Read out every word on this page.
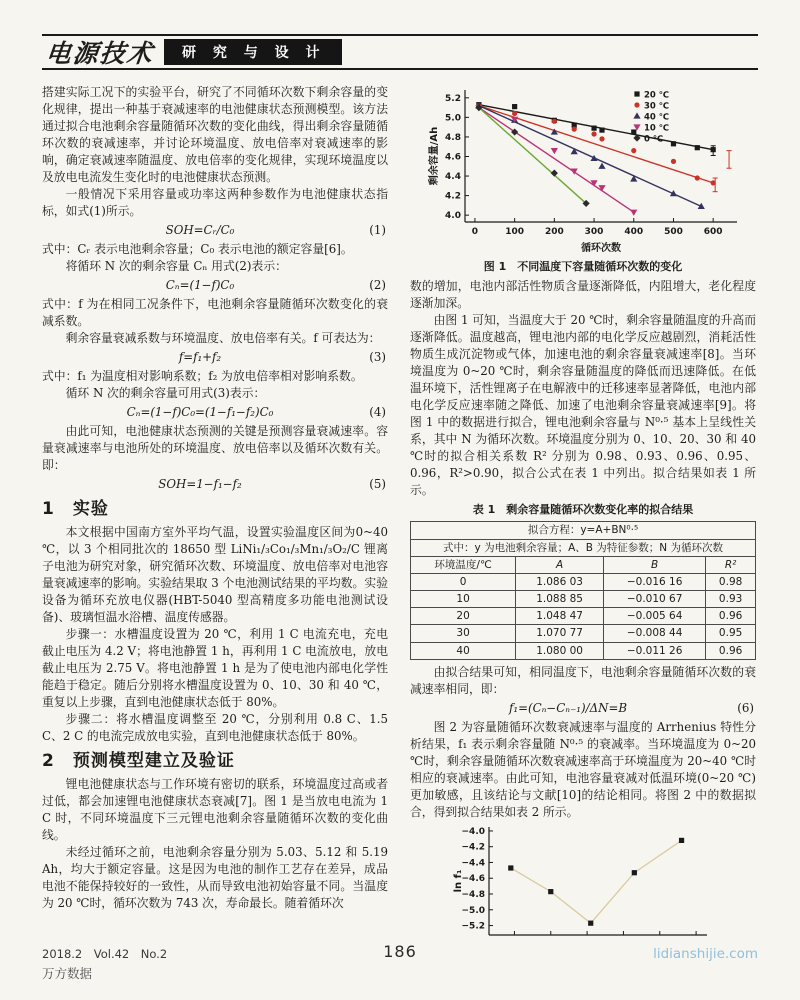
电源技术	研 究 与 设 计

搭建实际工况下的实验平台，研究了不同循环次数下剩余容量的变化规律，提出一种基于衰减速率的电池健康状态预测模型。该方法通过拟合电池剩余容量随循环次数的变化曲线，得出剩余容量随循环次数的衰减速率，并讨论环境温度、放电倍率对衰减速率的影响，确定衰减速率随温度、放电倍率的变化规律，实现环境温度以及放电电流发生变化时的电池健康状态预测。

一般情况下采用容量或功率这两种参数作为电池健康状态指标，如式(1)所示。

SOH=Cᵣ/C₀	(1)

式中：Cᵣ 表示电池剩余容量；C₀ 表示电池的额定容量[6]。

将循环 N 次的剩余容量 Cₙ 用式(2)表示：

Cₙ=(1−f)C₀	(2)

式中：f 为在相同工况条件下，电池剩余容量随循环次数变化的衰减系数。

剩余容量衰减系数与环境温度、放电倍率有关。f 可表达为：

f=f₁+f₂	(3)

式中：f₁ 为温度相对影响系数；f₂ 为放电倍率相对影响系数。

循环 N 次的剩余容量可用式(3)表示：

Cₙ=(1−f)C₀=(1−f₁−f₂)C₀	(4)

由此可知，电池健康状态预测的关键是预测容量衰减速率。容量衰减速率与电池所处的环境温度、放电倍率以及循环次数有关。即：

SOH=1−f₁−f₂	(5)
1　实验

本文根据中国南方室外平均气温，设置实验温度区间为0~40 ℃，以 3 个相同批次的 18650 型 LiNi₁/₃Co₁/₃Mn₁/₃O₂/C 锂离子电池为研究对象，研究循环次数、环境温度、放电倍率对电池容量衰减速率的影响。实验结果取 3 个电池测试结果的平均数。实验设备为循环充放电仪器(HBT-5040 型高精度多功能电池测试设备)、玻璃恒温水浴槽、温度传感器。

步骤一：水槽温度设置为 20 ℃，利用 1 C 电流充电，充电截止电压为 4.2 V；将电池静置 1 h，再利用 1 C 电流放电，放电截止电压为 2.75 V。将电池静置 1 h 是为了使电池内部电化学性能趋于稳定。随后分别将水槽温度设置为 0、10、30 和 40 ℃，重复以上步骤，直到电池健康状态低于 80%。

步骤二：将水槽温度调整至 20 ℃，分别利用 0.8 C、1.5 C、2 C 的电流完成放电实验，直到电池健康状态低于 80%。

2　预测模型建立及验证

锂电池健康状态与工作环境有密切的联系，环境温度过高或者过低，都会加速锂电池健康状态衰减[7]。图 1 是当放电电流为 1 C 时，不同环境温度下三元锂电池剩余容量随循环次数的变化曲线。

未经过循环之前，电池剩余容量分别为 5.03、5.12 和 5.19 Ah，均大于额定容量。这是因为电池的制作工艺存在差异，成品电池不能保持较好的一致性，从而导致电池初始容量不同。当温度为 20 ℃时，循环次数为 743 次，寿命最长。随着循环次

0	100 200 300 400 500 600
4.0
4.2
4.4
4.6
4.8
5.0
5.2
循环次数
剩余容量/Ah
20 ℃
30 ℃
40 ℃
10 ℃
0 ℃
图 1　不同温度下容量随循环次数的变化

数的增加，电池内部活性物质含量逐渐降低，内阻增大，老化程度逐渐加深。

由图 1 可知，当温度大于 20 ℃时，剩余容量随温度的升高而逐渐降低。温度越高，锂电池内部的电化学反应越剧烈，消耗活性物质生成沉淀物或气体，加速电池的剩余容量衰减速率[8]。当环境温度为 0~20 ℃时，剩余容量随温度的降低而迅速降低。在低温环境下，活性锂离子在电解液中的迁移速率显著降低，电池内部电化学反应速率随之降低、加速了电池剩余容量衰减速率[9]。将图 1 中的数据进行拟合，锂电池剩余容量与 N⁰·⁵ 基本上呈线性关系，其中 N 为循环次数。环境温度分别为 0、10、20、30 和 40 ℃时的拟合相关系数 R² 分别为 0.98、0.93、0.96、0.95、0.96，R²>0.90，拟合公式在表 1 中列出。拟合结果如表 1 所示。

表 1　剩余容量随循环次数变化率的拟合结果
拟合方程：y=A+BN⁰·⁵			
式中：y 为电池剩余容量；A、B 为特征参数；N 为循环次数			
环境温度/℃	A	B	R²
0	1.086 03	−0.016 16	0.98
10	1.088 85	−0.010 67	0.93
20	1.048 47	−0.005 64	0.96
30	1.070 77	−0.008 44	0.95
40	1.080 00	−0.011 26	0.96

由拟合结果可知，相同温度下，电池剩余容量随循环次数的衰减速率相同，即：

f₁=(Cₙ−Cₙ₋₁)/ΔN=B	(6)

图 2 为容量随循环次数衰减速率与温度的 Arrhenius 特性分析结果，f₁ 表示剩余容量随 N⁰·⁵ 的衰减率。当环境温度为 0~20 ℃时，剩余容量随循环次数衰减速率高于环境温度为 20~40 ℃时相应的衰减速率。由此可知，电池容量衰减对低温环境(0~20 ℃)更加敏感，且该结论与文献[10]的结论相同。将图 2 中的数据拟合，得到拟合结果如表 2 所示。

−5.2
−5.0
−4.8
−4.6
−4.4
−4.2
−4.0
ln f₁
2018.2　Vol.42　No.2
万方数据
186	lidianshijie.com
